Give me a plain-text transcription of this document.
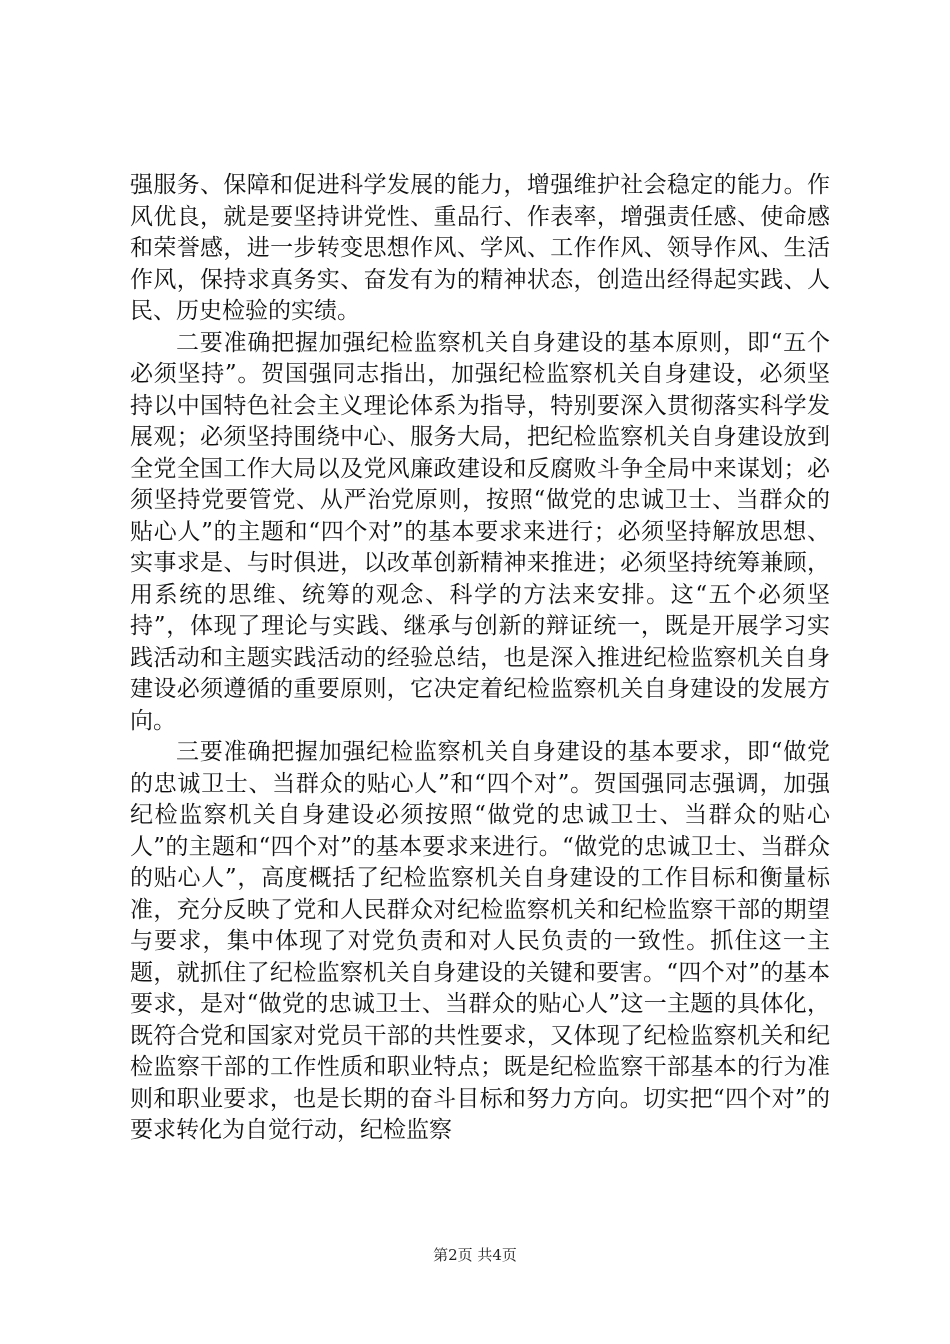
强服务、保障和促进科学发展的能力，增强维护社会稳定的能力。作风优良，就是要坚持讲党性、重品行、作表率，增强责任感、使命感和荣誉感，进一步转变思想作风、学风、工作作风、领导作风、生活作风，保持求真务实、奋发有为的精神状态，创造出经得起实践、人民、历史检验的实绩。

二要准确把握加强纪检监察机关自身建设的基本原则，即“五个必须坚持”。贺国强同志指出，加强纪检监察机关自身建设，必须坚持以中国特色社会主义理论体系为指导，特别要深入贯彻落实科学发展观；必须坚持围绕中心、服务大局，把纪检监察机关自身建设放到全党全国工作大局以及党风廉政建设和反腐败斗争全局中来谋划；必须坚持党要管党、从严治党原则，按照“做党的忠诚卫士、当群众的贴心人”的主题和“四个对”的基本要求来进行；必须坚持解放思想、实事求是、与时俱进，以改革创新精神来推进；必须坚持统筹兼顾，用系统的思维、统筹的观念、科学的方法来安排。这“五个必须坚持”，体现了理论与实践、继承与创新的辩证统一，既是开展学习实践活动和主题实践活动的经验总结，也是深入推进纪检监察机关自身建设必须遵循的重要原则，它决定着纪检监察机关自身建设的发展方向。

三要准确把握加强纪检监察机关自身建设的基本要求，即“做党的忠诚卫士、当群众的贴心人”和“四个对”。贺国强同志强调，加强纪检监察机关自身建设必须按照“做党的忠诚卫士、当群众的贴心人”的主题和“四个对”的基本要求来进行。“做党的忠诚卫士、当群众的贴心人”，高度概括了纪检监察机关自身建设的工作目标和衡量标准，充分反映了党和人民群众对纪检监察机关和纪检监察干部的期望与要求，集中体现了对党负责和对人民负责的一致性。抓住这一主题，就抓住了纪检监察机关自身建设的关键和要害。“四个对”的基本要求，是对“做党的忠诚卫士、当群众的贴心人”这一主题的具体化，既符合党和国家对党员干部的共性要求，又体现了纪检监察机关和纪检监察干部的工作性质和职业特点；既是纪检监察干部基本的行为准则和职业要求，也是长期的奋斗目标和努力方向。切实把“四个对”的要求转化为自觉行动，纪检监察

第2页 共4页
